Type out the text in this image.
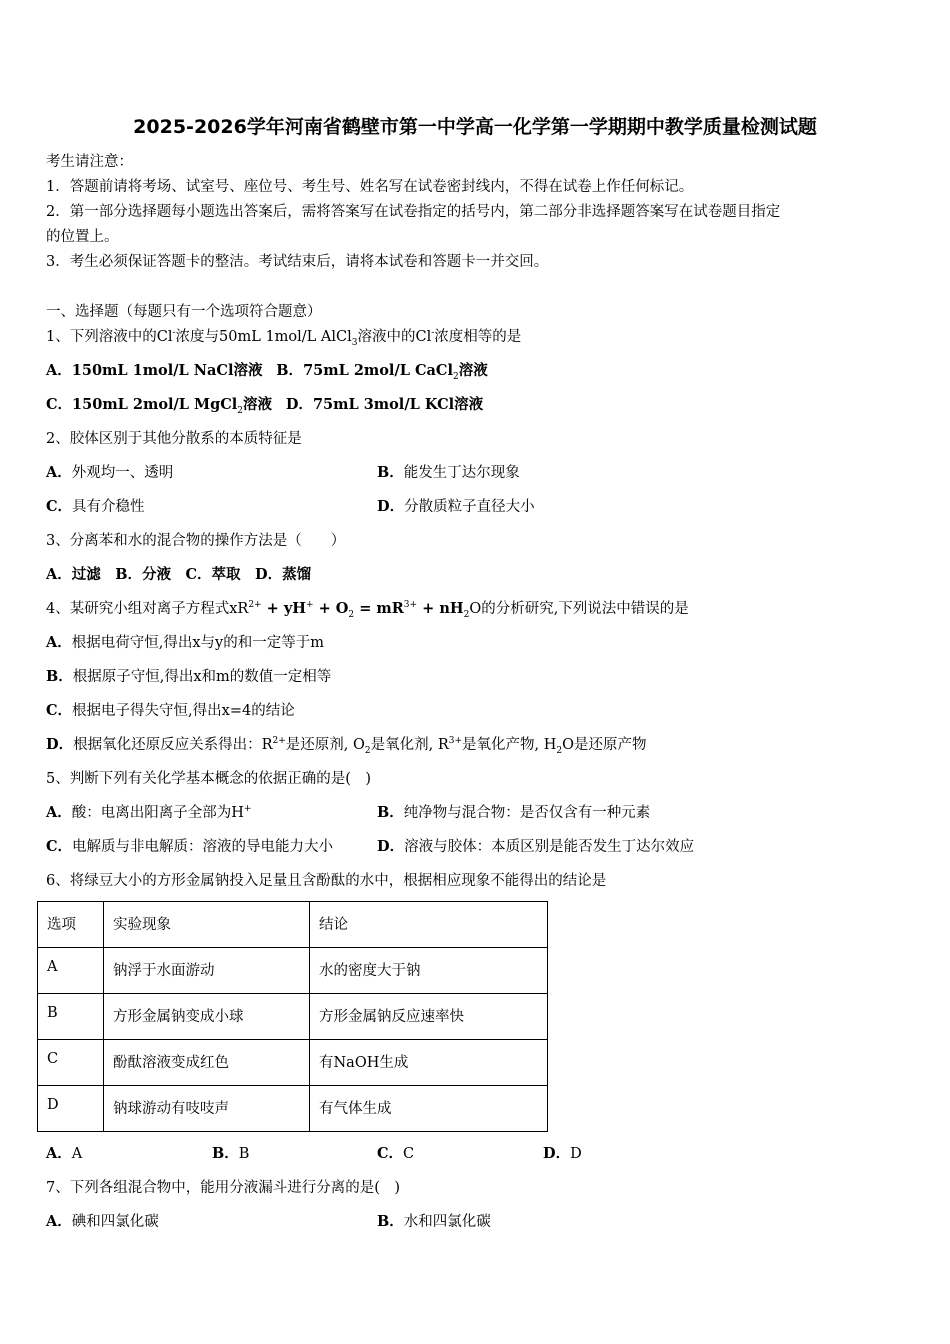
2025-2026学年河南省鹤壁市第一中学高一化学第一学期期中教学质量检测试题
考生请注意：
1．答题前请将考场、试室号、座位号、考生号、姓名写在试卷密封线内，不得在试卷上作任何标记。
2．第一部分选择题每小题选出答案后，需将答案写在试卷指定的括号内，第二部分非选择题答案写在试卷题目指定
的位置上。
3．考生必须保证答题卡的整洁。考试结束后，请将本试卷和答题卡一并交回。
一、选择题（每题只有一个选项符合题意）
1、下列溶液中的Cl-浓度与50mL 1mol/L AlCl$_3$溶液中的Cl-浓度相等的是
A．150mL 1mol/L NaCl溶液 B．75mL 2mol/L CaCl$_2$溶液
C．150mL 2mol/L MgCl$_2$溶液 D．75mL 3mol/L KCl溶液
2、胶体区别于其他分散系的本质特征是
A．外观均一、透明	B．能发生丁达尔现象
C．具有介稳性	D．分散质粒子直径大小
3、分离苯和水的混合物的操作方法是（　　）
A．过滤　B．分液　C．萃取　D．蒸馏
4、某研究小组对离子方程式$xR^{2+} + yH^+ + O_2 = mR^{3+} + nH_2O$的分析研究,下列说法中错误的是
A．根据电荷守恒,得出x与y的和一定等于m
B．根据原子守恒,得出x和m的数值一定相等
C．根据电子得失守恒,得出x=4的结论
D．根据氧化还原反应关系得出：$R^{2+}$是还原剂, $O_2$是氧化剂, $R^{3+}$是氧化产物, $H_2O$是还原产物
5、判断下列有关化学基本概念的依据正确的是(　)
A．酸：电离出阳离子全部为H+	B．纯净物与混合物：是否仅含有一种元素
C．电解质与非电解质：溶液的导电能力大小	D．溶液与胶体：本质区别是能否发生丁达尔效应
6、将绿豆大小的方形金属钠投入足量且含酚酞的水中，根据相应现象不能得出的结论是
选项	实验现象	结论
A	钠浮于水面游动	水的密度大于钠
B	方形金属钠变成小球	方形金属钠反应速率快
C	酚酞溶液变成红色	有NaOH生成
D	钠球游动有吱吱声	有气体生成
A．A	B．B	C．C	D．D
7、下列各组混合物中，能用分液漏斗进行分离的是(　)
A．碘和四氯化碳	B．水和四氯化碳
